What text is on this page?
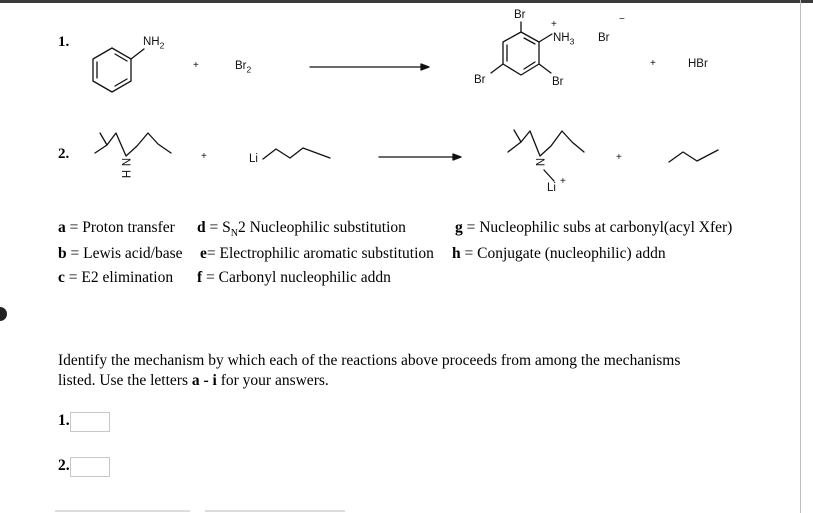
1.	$NH_2$
+	$Br_2$
Br
+
$NH_3$ Br
−
Br	Br
+	HBr
2.	N
H
+	Li	N
Li
+
+
a = Proton transfer $d = S_N2$ Nucleophilic substitution	g = Nucleophilic subs at carbonyl(acyl Xfer)
b = Lewis acid/base e= Electrophilic aromatic substitution h = Conjugate (nucleophilic) addn
c = E2 elimination f = Carbonyl nucleophilic addn
Identify the mechanism by which each of the reactions above proceeds from among the mechanisms
listed. Use the letters a - i for your answers.
1.
2.
